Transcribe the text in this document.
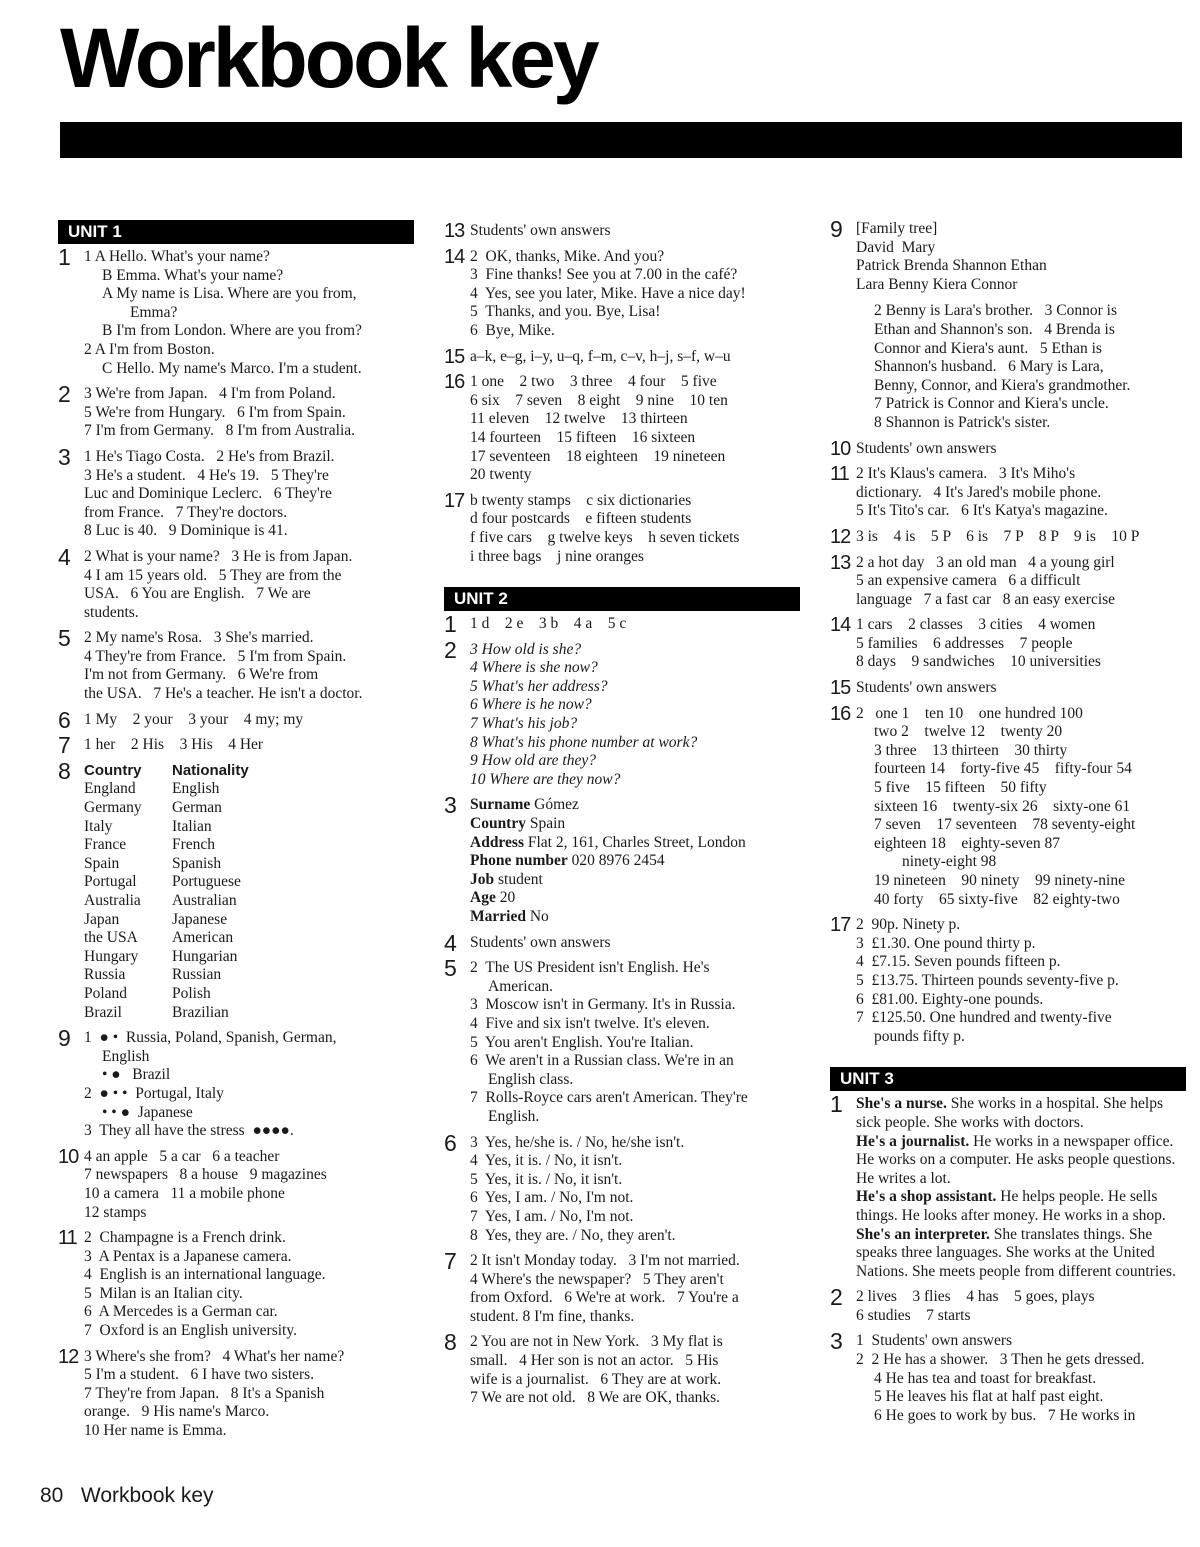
Workbook key
UNIT 1
1 1 A Hello. What's your name?
B Emma. What's your name?
A My name is Lisa. Where are you from,
Emma?
B I'm from London. Where are you from?
2 A I'm from Boston.
C Hello. My name's Marco. I'm a student.
2 3 We're from Japan.   4 I'm from Poland.
5 We're from Hungary.   6 I'm from Spain.
7 I'm from Germany.   8 I'm from Australia.
3 1 He's Tiago Costa.   2 He's from Brazil.
3 He's a student.   4 He's 19.   5 They're
Luc and Dominique Leclerc.   6 They're
from France.   7 They're doctors.
8 Luc is 40.   9 Dominique is 41.
4 2 What is your name?   3 He is from Japan.
4 I am 15 years old.   5 They are from the
USA.   6 You are English.   7 We are
students.
5 2 My name's Rosa.   3 She's married.
4 They're from France.   5 I'm from Spain.
I'm not from Germany.   6 We're from
the USA.   7 He's a teacher. He isn't a doctor.
6 1 My    2 your    3 your    4 my; my
7 1 her    2 His    3 His    4 Her
8 Country	Nationality
England	English
Germany	German
Italy	Italian
France	French
Spain	Spanish
Portugal	Portuguese
Australia	Australian
Japan	Japanese
the USA	American
Hungary	Hungarian
Russia	Russian
Poland	Polish
Brazil	Brazilian
9 1  ● •  Russia, Poland, Spanish, German,
English
• ●   Brazil
2  ● • •  Portugal, Italy
• • ●  Japanese
3  They all have the stress  ●●●●.
10 4 an apple   5 a car   6 a teacher
7 newspapers   8 a house   9 magazines
10 a camera   11 a mobile phone
12 stamps
11 2  Champagne is a French drink.
3  A Pentax is a Japanese camera.
4  English is an international language.
5  Milan is an Italian city.
6  A Mercedes is a German car.
7  Oxford is an English university.
12 3 Where's she from?   4 What's her name?
5 I'm a student.   6 I have two sisters.
7 They're from Japan.   8 It's a Spanish
orange.   9 His name's Marco.
10 Her name is Emma.
13 Students' own answers
14 2  OK, thanks, Mike. And you?
3  Fine thanks! See you at 7.00 in the café?
4  Yes, see you later, Mike. Have a nice day!
5  Thanks, and you. Bye, Lisa!
6  Bye, Mike.
15 a–k, e–g, i–y, u–q, f–m, c–v, h–j, s–f, w–u
16 1 one    2 two    3 three    4 four    5 five
6 six    7 seven    8 eight    9 nine    10 ten
11 eleven    12 twelve    13 thirteen
14 fourteen    15 fifteen    16 sixteen
17 seventeen    18 eighteen    19 nineteen
20 twenty
17 b twenty stamps    c six dictionaries
d four postcards    e fifteen students
f five cars    g twelve keys    h seven tickets
i three bags    j nine oranges
UNIT 2
1 1 d    2 e    3 b    4 a    5 c
2 3 How old is she?
4 Where is she now?
5 What's her address?
6 Where is he now?
7 What's his job?
8 What's his phone number at work?
9 How old are they?
10 Where are they now?
3 Surname Gómez
Country Spain
Address Flat 2, 161, Charles Street, London
Phone number 020 8976 2454
Job student
Age 20
Married No
4 Students' own answers
5 2  The US President isn't English. He's
American.
3  Moscow isn't in Germany. It's in Russia.
4  Five and six isn't twelve. It's eleven.
5  You aren't English. You're Italian.
6  We aren't in a Russian class. We're in an
English class.
7  Rolls-Royce cars aren't American. They're
English.
6 3  Yes, he/she is. / No, he/she isn't.
4  Yes, it is. / No, it isn't.
5  Yes, it is. / No, it isn't.
6  Yes, I am. / No, I'm not.
7  Yes, I am. / No, I'm not.
8  Yes, they are. / No, they aren't.
7 2 It isn't Monday today.   3 I'm not married.
4 Where's the newspaper?   5 They aren't
from Oxford.   6 We're at work.   7 You're a
student. 8 I'm fine, thanks.
8 2 You are not in New York.   3 My flat is
small.   4 Her son is not an actor.   5 His
wife is a journalist.   6 They are at work.
7 We are not old.   8 We are OK, thanks.
9 [Family tree]
David  Mary
Patrick Brenda Shannon Ethan
Lara Benny Kiera Connor
2 Benny is Lara's brother.   3 Connor is
Ethan and Shannon's son.   4 Brenda is
Connor and Kiera's aunt.   5 Ethan is
Shannon's husband.   6 Mary is Lara,
Benny, Connor, and Kiera's grandmother.
7 Patrick is Connor and Kiera's uncle.
8 Shannon is Patrick's sister.
10 Students' own answers
11 2 It's Klaus's camera.   3 It's Miho's
dictionary.   4 It's Jared's mobile phone.
5 It's Tito's car.   6 It's Katya's magazine.
12 3 is    4 is    5 P    6 is    7 P    8 P    9 is    10 P
13 2 a hot day   3 an old man   4 a young girl
5 an expensive camera   6 a difficult
language   7 a fast car   8 an easy exercise
14 1 cars    2 classes    3 cities    4 women
5 families    6 addresses    7 people
8 days    9 sandwiches    10 universities
15 Students' own answers
16 2   one 1    ten 10    one hundred 100
two 2    twelve 12    twenty 20
3 three    13 thirteen    30 thirty
fourteen 14    forty-five 45    fifty-four 54
5 five    15 fifteen    50 fifty
sixteen 16    twenty-six 26    sixty-one 61
7 seven    17 seventeen    78 seventy-eight
eighteen 18    eighty-seven 87
ninety-eight 98
19 nineteen    90 ninety    99 ninety-nine
40 forty    65 sixty-five    82 eighty-two
17 2  90p. Ninety p.
3  £1.30. One pound thirty p.
4  £7.15. Seven pounds fifteen p.
5  £13.75. Thirteen pounds seventy-five p.
6  £81.00. Eighty-one pounds.
7  £125.50. One hundred and twenty-five
pounds fifty p.
UNIT 3
1 She's a nurse. She works in a hospital. She helps sick people. She works with doctors.
He's a journalist. He works in a newspaper office. He works on a computer. He asks people questions. He writes a lot.
He's a shop assistant. He helps people. He sells things. He looks after money. He works in a shop.
She's an interpreter. She translates things. She speaks three languages. She works at the United Nations. She meets people from different countries.
2 2 lives    3 flies    4 has    5 goes, plays
6 studies    7 starts
3 1  Students' own answers
2  2 He has a shower.   3 Then he gets dressed.
4 He has tea and toast for breakfast.
5 He leaves his flat at half past eight.
6 He goes to work by bus.   7 He works in
80 Workbook key
